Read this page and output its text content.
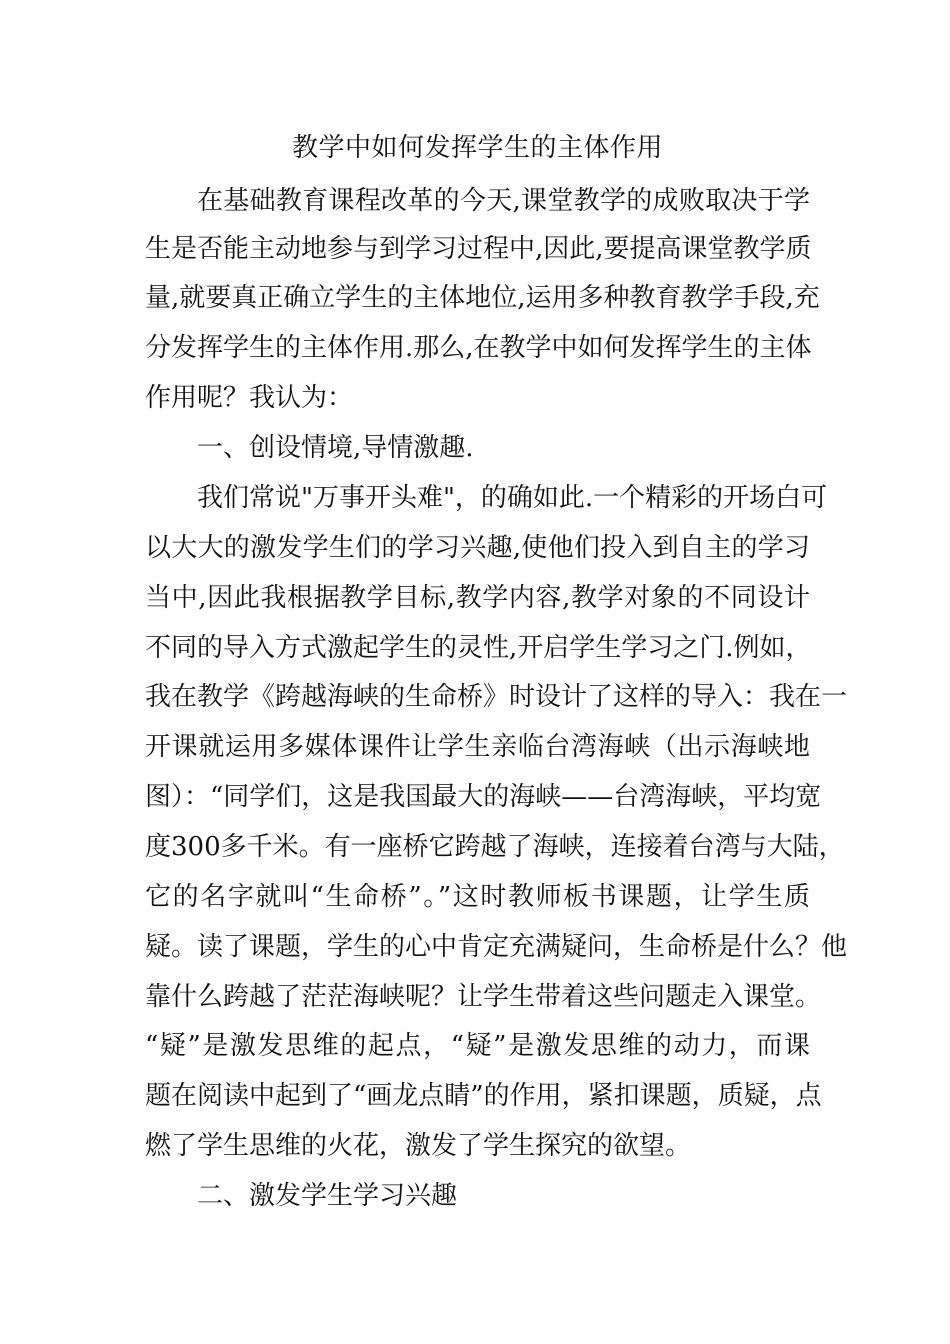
教学中如何发挥学生的主体作用
在基础教育课程改革的今天,课堂教学的成败取决于学
生是否能主动地参与到学习过程中,因此,要提高课堂教学质
量,就要真正确立学生的主体地位,运用多种教育教学手段,充
分发挥学生的主体作用.那么,在教学中如何发挥学生的主体
作用呢？我认为：
一、创设情境,导情激趣.
我们常说"万事开头难"，的确如此.一个精彩的开场白可
以大大的激发学生们的学习兴趣,使他们投入到自主的学习
当中,因此我根据教学目标,教学内容,教学对象的不同设计
不同的导入方式激起学生的灵性,开启学生学习之门.例如，
我在教学《跨越海峡的生命桥》时设计了这样的导入：我在一
开课就运用多媒体课件让学生亲临台湾海峡（出示海峡地
图）：“同学们，这是我国最大的海峡——台湾海峡，平均宽
度300多千米。有一座桥它跨越了海峡，连接着台湾与大陆，
它的名字就叫“生命桥”。”这时教师板书课题，让学生质
疑。读了课题，学生的心中肯定充满疑问，生命桥是什么？他
靠什么跨越了茫茫海峡呢？让学生带着这些问题走入课堂。
“疑”是激发思维的起点，“疑”是激发思维的动力，而课
题在阅读中起到了“画龙点睛”的作用，紧扣课题，质疑，点
燃了学生思维的火花，激发了学生探究的欲望。
二、激发学生学习兴趣
